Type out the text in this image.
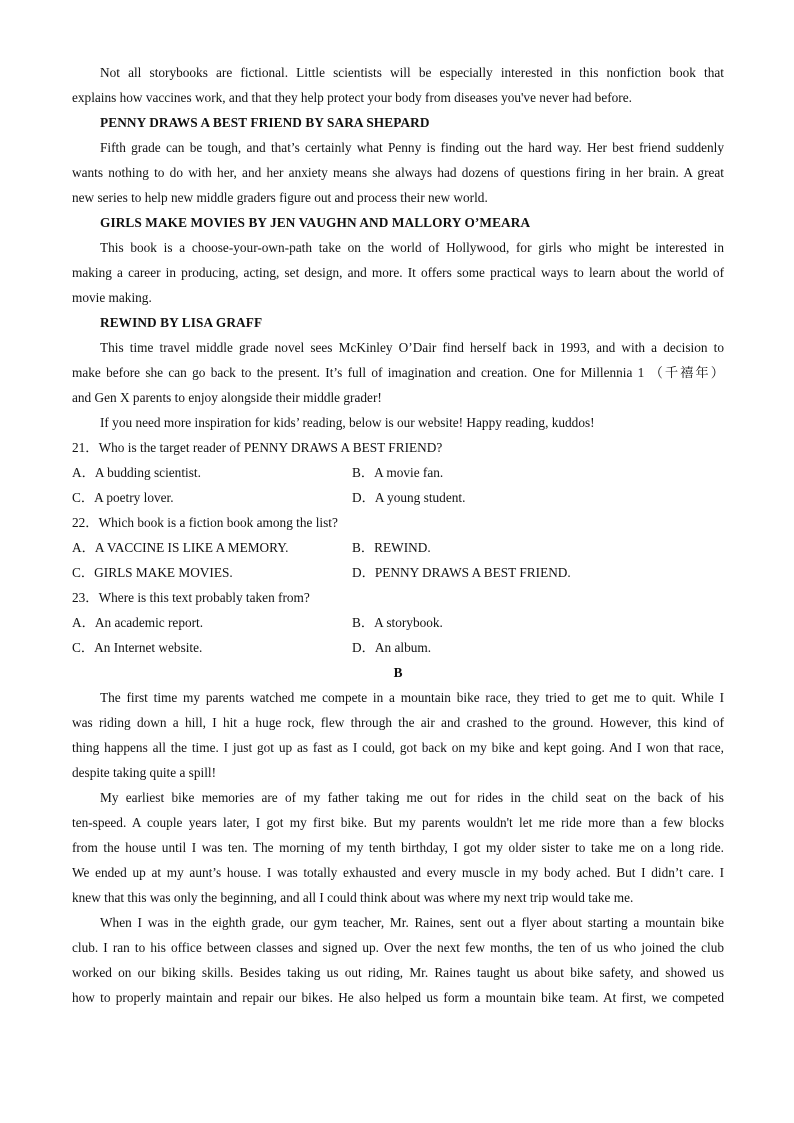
Not all storybooks are fictional. Little scientists will be especially interested in this nonfiction book that
explains how vaccines work, and that they help protect your body from diseases you've never had before.
PENNY DRAWS A BEST FRIEND BY SARA SHEPARD
Fifth grade can be tough, and that’s certainly what Penny is finding out the hard way. Her best friend suddenly
wants nothing to do with her, and her anxiety means she always had dozens of questions firing in her brain. A great
new series to help new middle graders figure out and process their new world.
GIRLS MAKE MOVIES BY JEN VAUGHN AND MALLORY O’MEARA
This book is a choose-your-own-path take on the world of Hollywood, for girls who might be interested in
making a career in producing, acting, set design, and more. It offers some practical ways to learn about the world of
movie making.
REWIND BY LISA GRAFF
This time travel middle grade novel sees McKinley O’Dair find herself back in 1993, and with a decision to
make before she can go back to the present. It’s full of imagination and creation. One for Millennia 1 （千禧年）
and Gen X parents to enjoy alongside their middle grader!
If you need more inspiration for kids’ reading, below is our website! Happy reading, kuddos!
21．Who is the target reader of PENNY DRAWS A BEST FRIEND?
A．A budding scientist.	B．A movie fan.
C．A poetry lover.	D．A young student.
22．Which book is a fiction book among the list?
A．A VACCINE IS LIKE A MEMORY.	B．REWIND.
C．GIRLS MAKE MOVIES.	D．PENNY DRAWS A BEST FRIEND.
23．Where is this text probably taken from?
A．An academic report.	B．A storybook.
C．An Internet website.	D．An album.
B
The first time my parents watched me compete in a mountain bike race, they tried to get me to quit. While I
was riding down a hill, I hit a huge rock, flew through the air and crashed to the ground. However, this kind of
thing happens all the time. I just got up as fast as I could, got back on my bike and kept going. And I won that race,
despite taking quite a spill!
My earliest bike memories are of my father taking me out for rides in the child seat on the back of his
ten-speed. A couple years later, I got my first bike. But my parents wouldn't let me ride more than a few blocks
from the house until I was ten. The morning of my tenth birthday, I got my older sister to take me on a long ride.
We ended up at my aunt’s house. I was totally exhausted and every muscle in my body ached. But I didn’t care. I
knew that this was only the beginning, and all I could think about was where my next trip would take me.
When I was in the eighth grade, our gym teacher, Mr. Raines, sent out a flyer about starting a mountain bike
club. I ran to his office between classes and signed up. Over the next few months, the ten of us who joined the club
worked on our biking skills. Besides taking us out riding, Mr. Raines taught us about bike safety, and showed us
how to properly maintain and repair our bikes. He also helped us form a mountain bike team. At first, we competed
